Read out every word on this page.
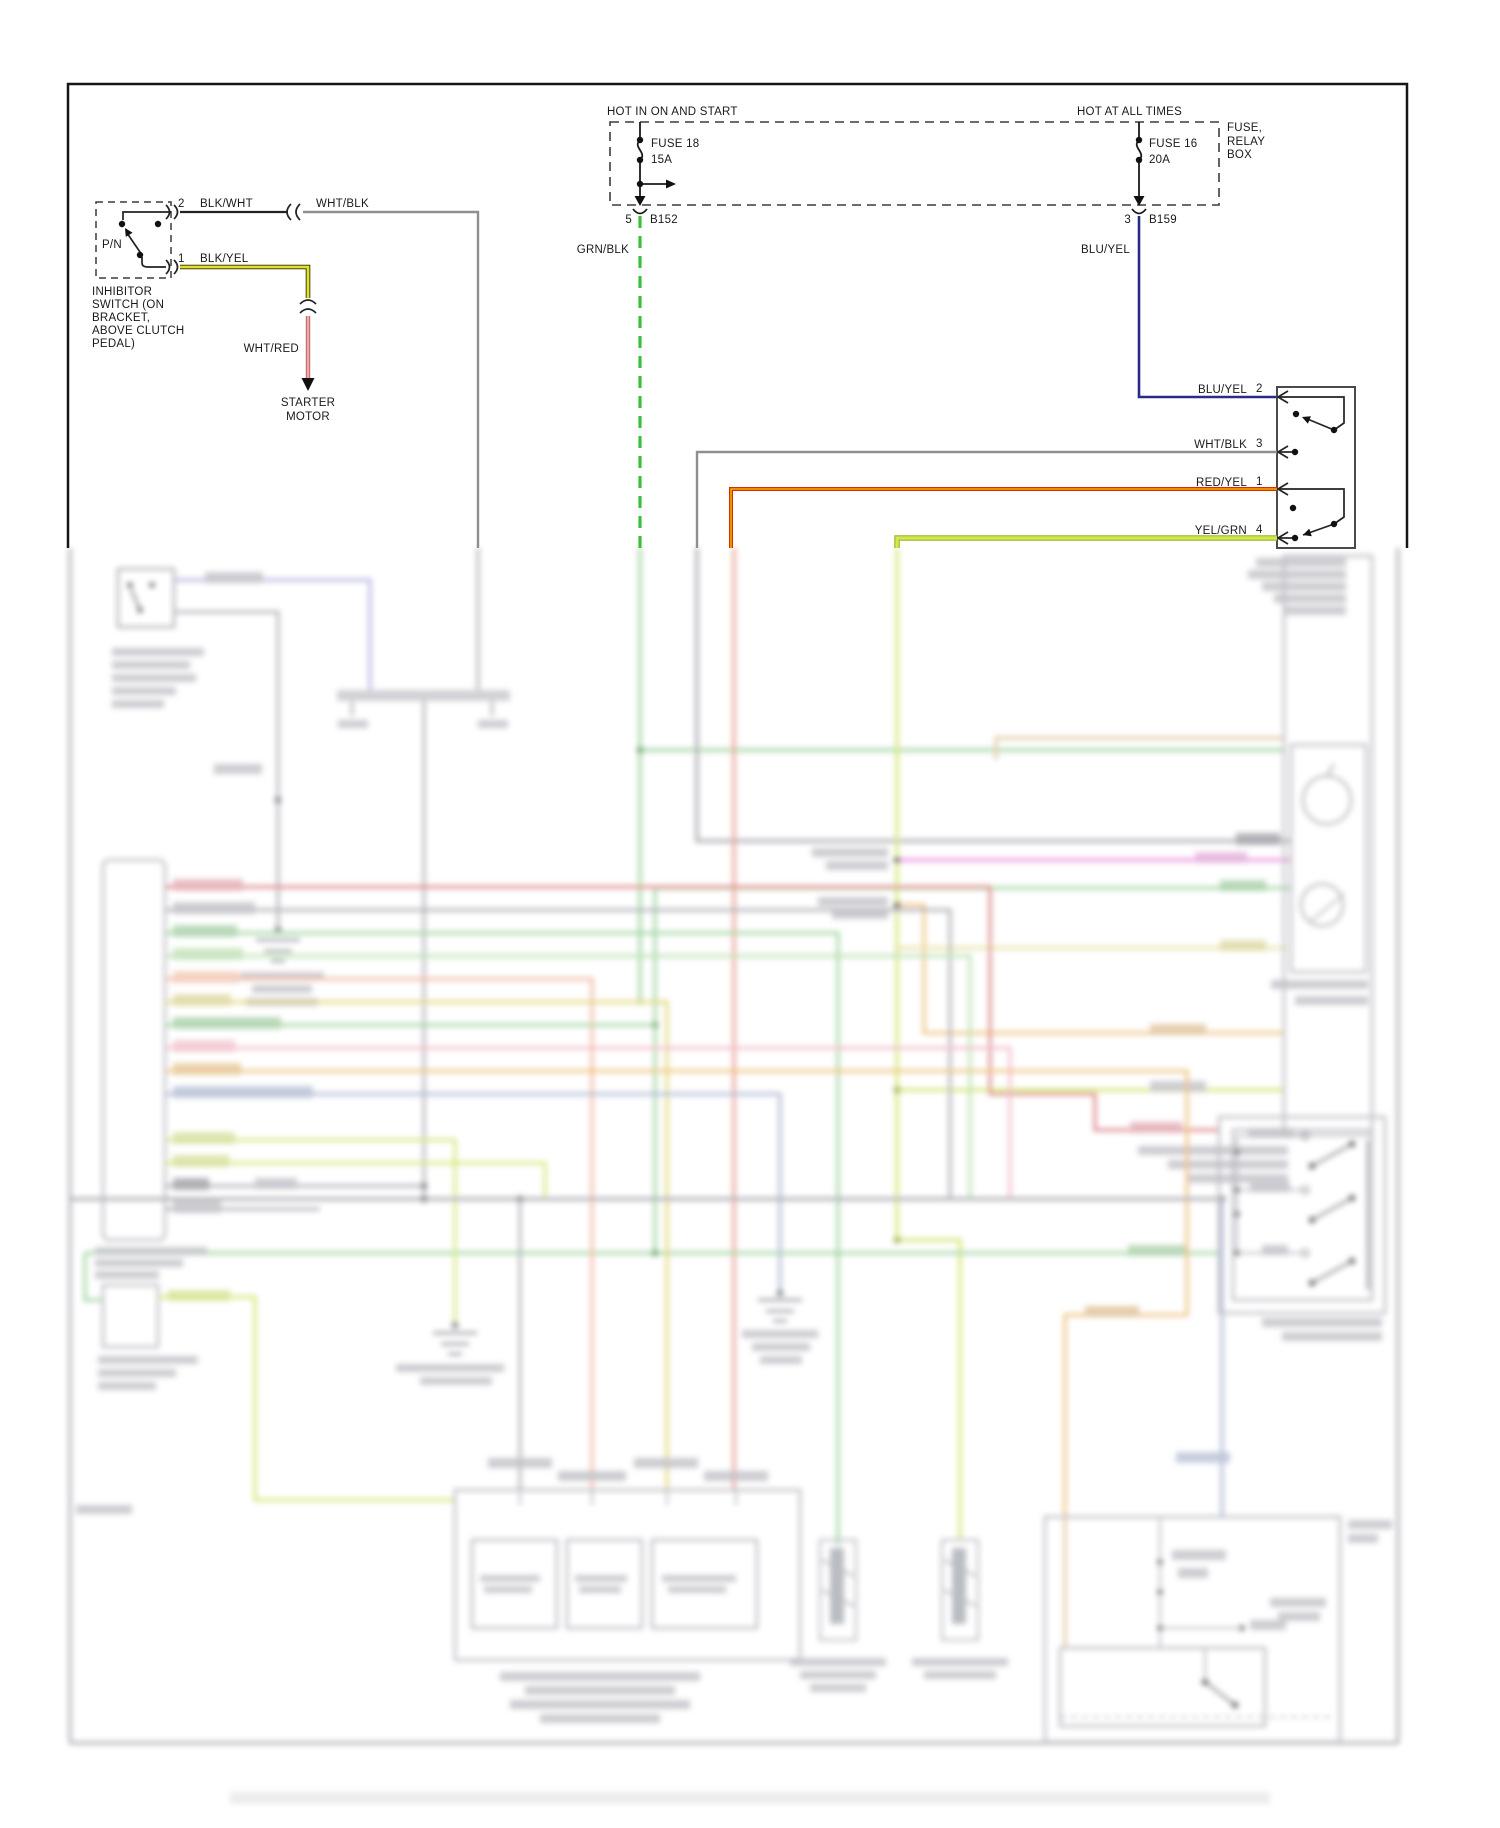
HOT IN ON AND START	HOT AT ALL TIMES
FUSE 18
15A
FUSE 16
20A
FUSE,
RELAY
BOX
5 B152	3 B159
GRN/BLK	BLU/YEL
2 BLK/WHT	WHT/BLK
1 BLK/YEL
P/N
INHIBITOR
SWITCH (ON
BRACKET,
ABOVE CLUTCH
PEDAL)	WHT/RED
STARTER
MOTOR
BLU/YEL 2
WHT/BLK 3
RED/YEL 1
YEL/GRN 4
